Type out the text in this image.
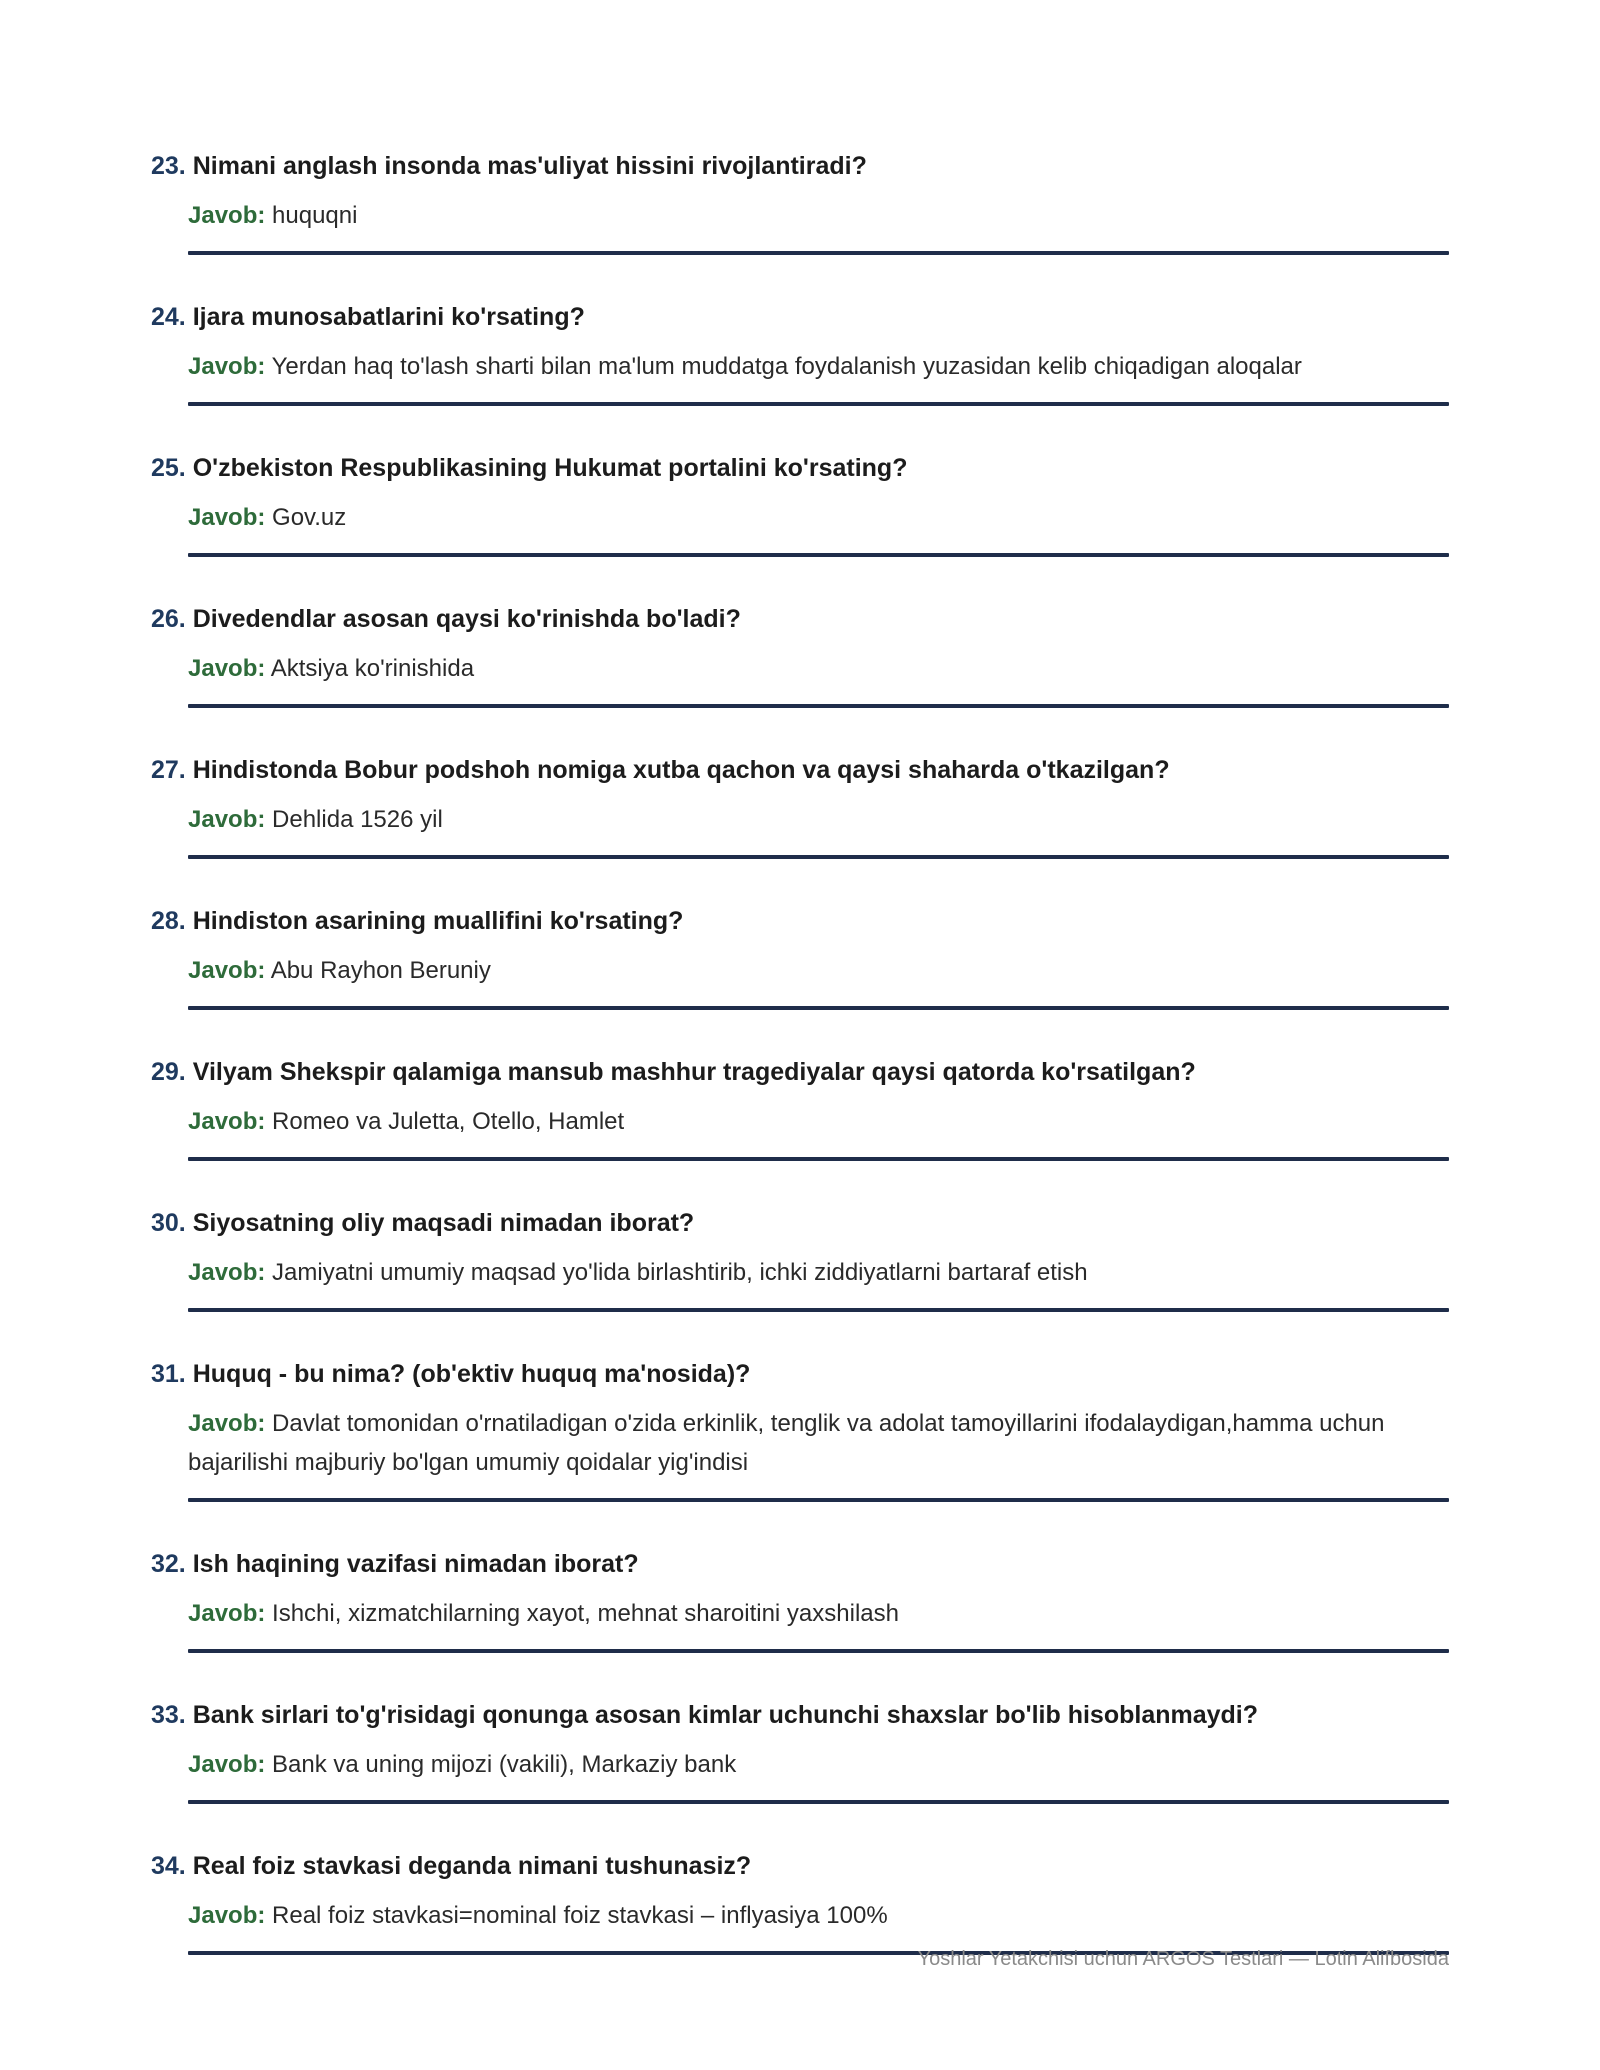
23. Nimani anglash insonda mas'uliyat hissini rivojlantiradi?

Javob: huquqni

24. Ijara munosabatlarini ko'rsating?

Javob: Yerdan haq to'lash sharti bilan ma'lum muddatga foydalanish yuzasidan kelib chiqadigan aloqalar

25. O'zbekiston Respublikasining Hukumat portalini ko'rsating?

Javob: Gov.uz

26. Divedendlar asosan qaysi ko'rinishda bo'ladi?

Javob: Aktsiya ko'rinishida

27. Hindistonda Bobur podshoh nomiga xutba qachon va qaysi shaharda o'tkazilgan?

Javob: Dehlida 1526 yil

28. Hindiston asarining muallifini ko'rsating?

Javob: Abu Rayhon Beruniy

29. Vilyam Shekspir qalamiga mansub mashhur tragediyalar qaysi qatorda ko'rsatilgan?

Javob: Romeo va Juletta, Otello, Hamlet

30. Siyosatning oliy maqsadi nimadan iborat?

Javob: Jamiyatni umumiy maqsad yo'lida birlashtirib, ichki ziddiyatlarni bartaraf etish

31. Huquq - bu nima? (ob'ektiv huquq ma'nosida)?

Javob: Davlat tomonidan o'rnatiladigan o'zida erkinlik, tenglik va adolat tamoyillarini ifodalaydigan,hamma uchun bajarilishi majburiy bo'lgan umumiy qoidalar yig'indisi

32. Ish haqining vazifasi nimadan iborat?

Javob: Ishchi, xizmatchilarning xayot, mehnat sharoitini yaxshilash

33. Bank sirlari to'g'risidagi qonunga asosan kimlar uchunchi shaxslar bo'lib hisoblanmaydi?

Javob: Bank va uning mijozi (vakili), Markaziy bank

34. Real foiz stavkasi deganda nimani tushunasiz?

Javob: Real foiz stavkasi=nominal foiz stavkasi – inflyasiya 100%
Yoshlar Yetakchisi uchun ARGOS Testlari — Lotin Alifbosida
